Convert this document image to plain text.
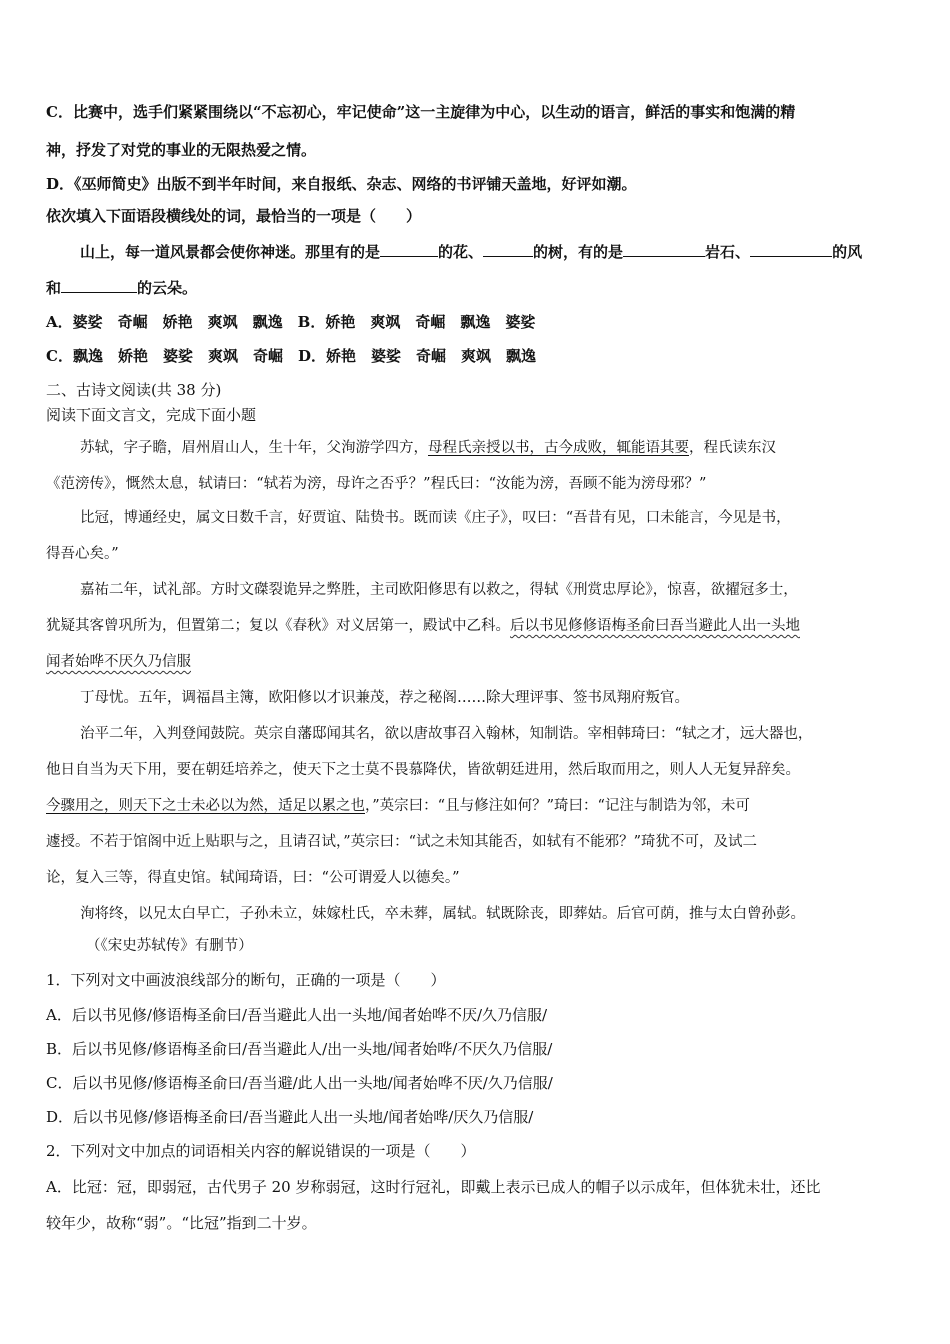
C．比赛中，选手们紧紧围绕以“不忘初心，牢记使命”这一主旋律为中心，以生动的语言，鲜活的事实和饱满的精
神，抒发了对党的事业的无限热爱之情。
D．《巫师简史》出版不到半年时间，来自报纸、杂志、网络的书评铺天盖地，好评如潮。
依次填入下面语段横线处的词，最恰当的一项是（　　）
山上，每一道风景都会使你神迷。那里有的是	的花、	的树，有的是	岩石、	的风
和	的云朵。
A．婆娑　奇崛　娇艳　爽飒　飘逸　B．娇艳　爽飒　奇崛　飘逸　婆娑
C．飘逸　娇艳　婆娑　爽飒　奇崛　D．娇艳　婆娑　奇崛　爽飒　飘逸
二、古诗文阅读(共 38 分)
阅读下面文言文，完成下面小题
苏轼，字子瞻，眉州眉山人，生十年，父洵游学四方，母程氏亲授以书，古今成败，辄能语其要，程氏读东汉
《范滂传》，慨然太息，轼请曰：“轼若为滂，母许之否乎？”程氏曰：“汝能为滂，吾顾不能为滂母邪？”
比冠，博通经史，属文日数千言，好贾谊、陆贽书。既而读《庄子》，叹曰：“吾昔有见，口未能言，今见是书，
得吾心矣。”
嘉祐二年，试礼部。方时文磔裂诡异之弊胜，主司欧阳修思有以救之，得轼《刑赏忠厚论》，惊喜，欲擢冠多士，
犹疑其客曾巩所为，但置第二；复以《春秋》对义居第一，殿试中乙科。后以书见修修语梅圣俞曰吾当避此人出一头地
闻者始哗不厌久乃信服
丁母忧。五年，调福昌主簿，欧阳修以才识兼茂，荐之秘阁……除大理评事、签书凤翔府叛官。
治平二年，入判登闻鼓院。英宗自藩邸闻其名，欲以唐故事召入翰林，知制诰。宰相韩琦曰：“轼之才，远大器也，
他日自当为天下用，要在朝廷培养之，使天下之士莫不畏慕降伏，皆欲朝廷进用，然后取而用之，则人人无复异辞矣。
今骤用之，则天下之士未必以为然，适足以累之也，”英宗曰：“且与修注如何？”琦曰：“记注与制诰为邻，未可
遽授。不若于馆阁中近上贴职与之，且请召试，”英宗曰：“试之未知其能否，如轼有不能邪？”琦犹不可，及试二
论，复入三等，得直史馆。轼闻琦语，曰：“公可谓爱人以德矣。”
洵将终，以兄太白早亡，子孙未立，妹嫁杜氏，卒未葬，属轼。轼既除丧，即葬姑。后官可荫，推与太白曾孙彭。
（《宋史苏轼传》有删节）
1．下列对文中画波浪线部分的断句，正确的一项是（　　）
A．后以书见修/修语梅圣俞曰/吾当避此人出一头地/闻者始哗不厌/久乃信服/
B．后以书见修/修语梅圣俞曰/吾当避此人/出一头地/闻者始哗/不厌久乃信服/
C．后以书见修/修语梅圣俞曰/吾当避/此人出一头地/闻者始哗不厌/久乃信服/
D．后以书见修/修语梅圣俞曰/吾当避此人出一头地/闻者始哗/厌久乃信服/
2．下列对文中加点的词语相关内容的解说错误的一项是（　　）
A．比冠：冠，即弱冠，古代男子 20 岁称弱冠，这时行冠礼，即戴上表示已成人的帽子以示成年，但体犹未壮，还比
较年少，故称“弱”。“比冠”指到二十岁。
